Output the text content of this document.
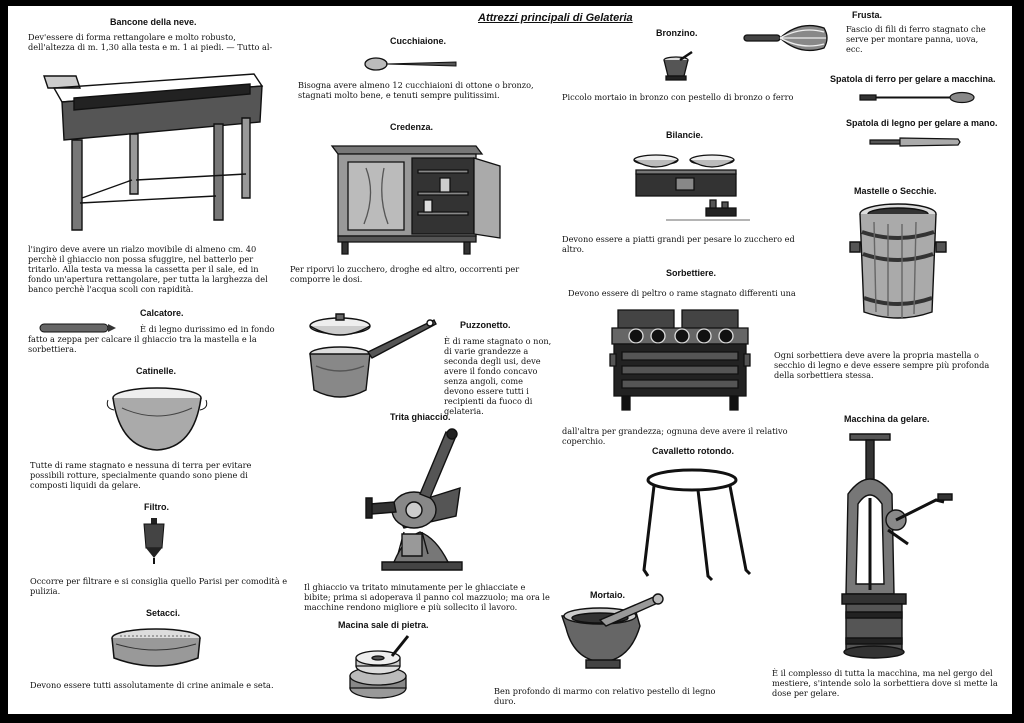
Attrezzi principali di Gelateria
Bancone della neve.
Dev'essere di forma rettangolare e molto robusto, dell'altezza di m. 1,30 alla testa e m. 1 ai piedi. — Tutto al-
l'ingiro deve avere un rialzo movibile di almeno cm. 40 perchè il ghiaccio non possa sfuggire, nel batterlo per tritarlo. Alla testa va messa la cassetta per il sale, ed in fondo un'apertura rettangolare, per tutta la larghezza del banco perchè l'acqua scoli con rapidità.
Calcatore.
È di legno durissimo ed in fondo fatto a zeppa per calcare il ghiaccio tra la mastella e la sorbettiera.
Catinelle.
Tutte di rame stagnato e nessuna di terra per evitare possibili rotture, specialmente quando sono piene di composti liquidi da gelare.
Filtro.
Occorre per filtrare e si consiglia quello Parisi per comodità e pulizia.
Setacci.
Devono essere tutti assolutamente di crine animale e seta.
Cucchiaione.
Bisogna avere almeno 12 cucchiaioni di ottone o bronzo, stagnati molto bene, e tenuti sempre pulitissimi.
Credenza.
Per riporvi lo zucchero, droghe ed altro, occorrenti per comporre le dosi.
Puzzonetto.
È di rame stagnato o non, di varie grandezze a seconda degli usi, deve avere il fondo concavo senza angoli, come devono essere tutti i recipienti da fuoco di gelateria.
Trita ghiaccio.
Il ghiaccio va tritato minutamente per le ghiacciate e bibite; prima si adoperava il panno col mazzuolo; ma ora le macchine rendono migliore e più sollecito il lavoro.
Macina sale di pietra.
Bronzino.
Piccolo mortaio in bronzo con pestello di bronzo o ferro
Bilancie.
Devono essere a piatti grandi per pesare lo zucchero ed altro.
Sorbettiere.
Devono essere di peltro o rame stagnato differenti una
dall'altra per grandezza; ognuna deve avere il relativo coperchio.
Cavalletto rotondo.
Mortaio.
Ben profondo di marmo con relativo pestello di legno duro.
Frusta.
Fascio di fili di ferro stagnato che serve per montare panna, uova, ecc.
Spatola di ferro per gelare a macchina.
Spatola di legno per gelare a mano.
Mastelle o Secchie.
Ogni sorbettiera deve avere la propria mastella o secchio di legno e deve essere sempre più profonda della sorbettiera stessa.
Macchina da gelare.
È il complesso di tutta la macchina, ma nel gergo del mestiere, s'intende solo la sorbettiera dove si mette la dose per gelare.
